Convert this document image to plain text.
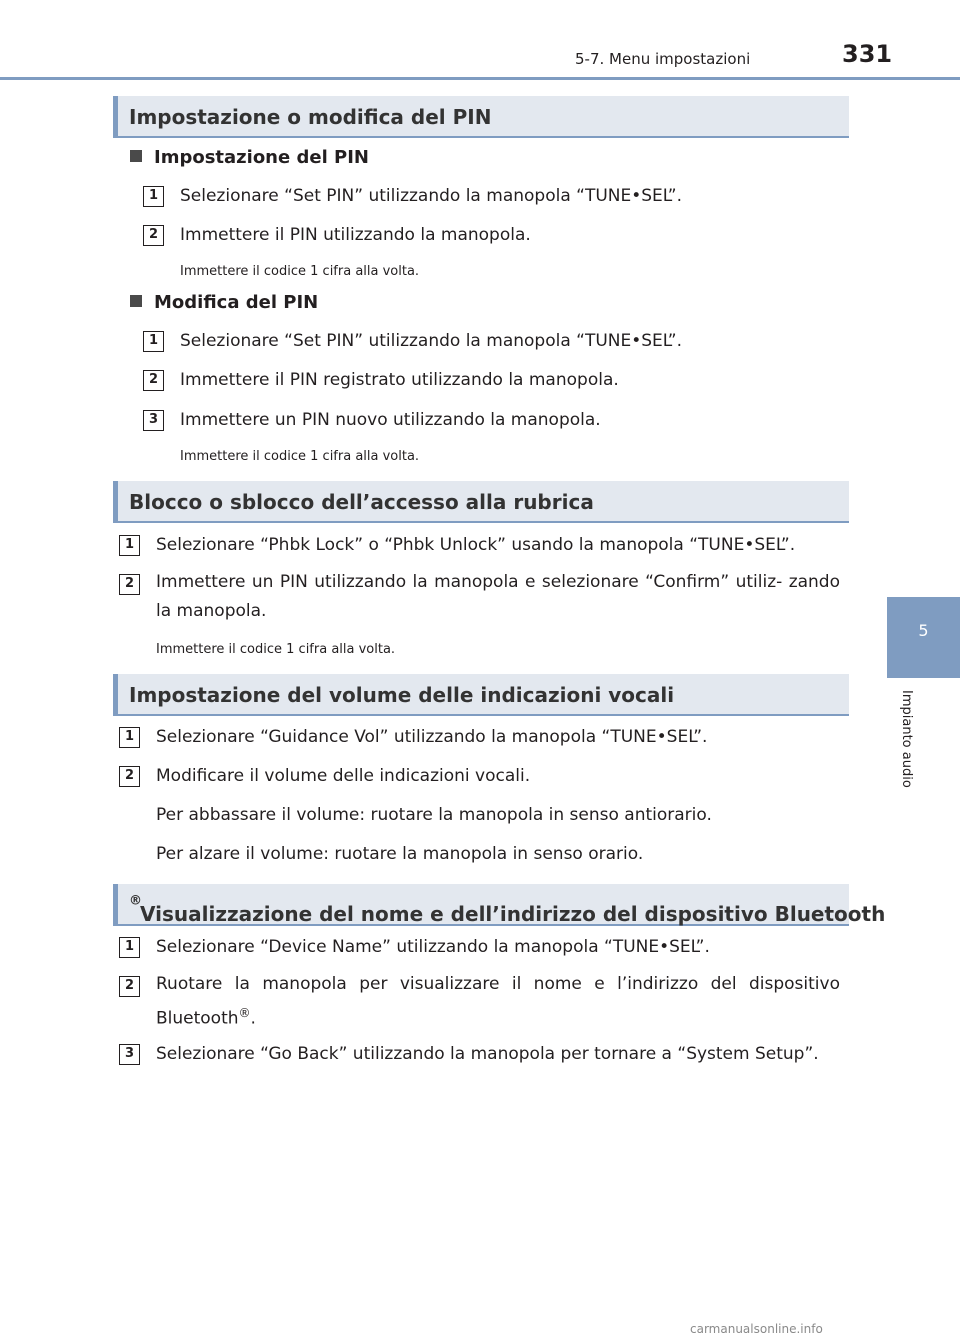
5-7. Menu impostazioni	331
5
Impianto audio
Impostazione o modifica del PIN
Impostazione del PIN
1	Selezionare “Set PIN” utilizzando la manopola “TUNE•SEL”.
2	Immettere il PIN utilizzando la manopola.
Immettere il codice 1 cifra alla volta.
Modifica del PIN
1	Selezionare “Set PIN” utilizzando la manopola “TUNE•SEL”.
2	Immettere il PIN registrato utilizzando la manopola.
3	Immettere un PIN nuovo utilizzando la manopola.
Immettere il codice 1 cifra alla volta.
Blocco o sblocco dell’accesso alla rubrica
1	Selezionare “Phbk Lock” o “Phbk Unlock” usando la manopola “TUNE•SEL”.
2	Immettere un PIN utilizzando la manopola e selezionare “Confirm” utiliz- zando la manopola.
Immettere il codice 1 cifra alla volta.
Impostazione del volume delle indicazioni vocali
1	Selezionare “Guidance Vol” utilizzando la manopola “TUNE•SEL”.
2	Modificare il volume delle indicazioni vocali.
Per abbassare il volume: ruotare la manopola in senso antiorario.
Per alzare il volume: ruotare la manopola in senso orario.
Visualizzazione del nome e dell’indirizzo del dispositivo Bluetooth
®
1	Selezionare “Device Name” utilizzando la manopola “TUNE•SEL”.
2	Ruotare la manopola per visualizzare il nome e l’indirizzo del dispositivo Bluetooth®.
3	Selezionare “Go Back” utilizzando la manopola per tornare a “System Setup”.
carmanualsonline.info
